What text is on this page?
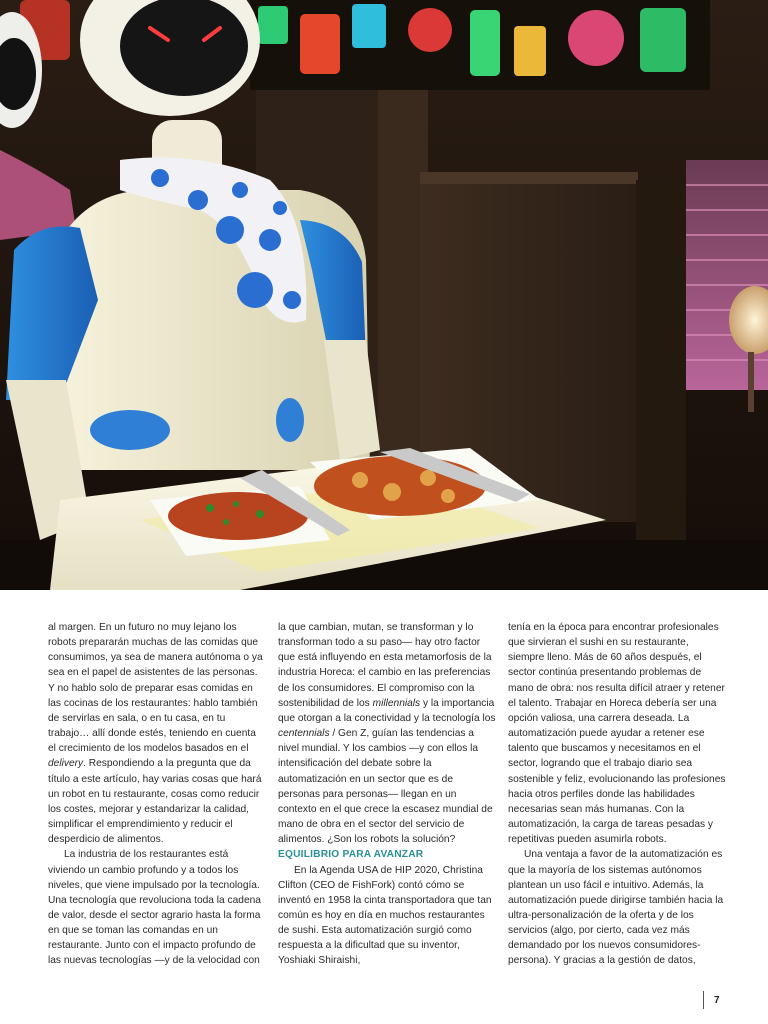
al margen. En un futuro no muy lejano los robots prepararán muchas de las comidas que consumimos, ya sea de manera autónoma o ya sea en el papel de asistentes de las personas. Y no hablo solo de preparar esas comidas en las cocinas de los restaurantes: hablo también de servirlas en sala, o en tu casa, en tu trabajo… allí donde estés, teniendo en cuenta el crecimiento de los modelos basados en el delivery. Respondiendo a la pregunta que da título a este artículo, hay varias cosas que hará un robot en tu restaurante, cosas como reducir los costes, mejorar y estandarizar la calidad, simplificar el emprendimiento y reducir el desperdicio de alimentos.

La industria de los restaurantes está viviendo un cambio profundo y a todos los niveles, que viene impulsado por la tecnología. Una tecnología que revoluciona toda la cadena de valor, desde el sector agrario hasta la forma en que se toman las comandas en un restaurante. Junto con el impacto profundo de las nuevas tecnologías —y de la velocidad con

la que cambian, mutan, se transforman y lo transforman todo a su paso— hay otro factor que está influyendo en esta metamorfosis de la industria Horeca: el cambio en las preferencias de los consumidores. El compromiso con la sostenibilidad de los millennials y la importancia que otorgan a la conectividad y la tecnología los centennials / Gen Z, guían las tendencias a nivel mundial. Y los cambios —y con ellos la intensificación del debate sobre la automatización en un sector que es de personas para personas— llegan en un contexto en el que crece la escasez mundial de mano de obra en el sector del servicio de alimentos. ¿Son los robots la solución?

EQUILIBRIO PARA AVANZAR

En la Agenda USA de HIP 2020, Christina Clifton (CEO de FishFork) contó cómo se inventó en 1958 la cinta transportadora que tan común es hoy en día en muchos restaurantes de sushi. Esta automatización surgió como respuesta a la dificultad que su inventor, Yoshiaki Shiraishi,

tenía en la época para encontrar profesionales que sirvieran el sushi en su restaurante, siempre lleno. Más de 60 años después, el sector continúa presentando problemas de mano de obra: nos resulta difícil atraer y retener el talento. Trabajar en Horeca debería ser una opción valiosa, una carrera deseada. La automatización puede ayudar a retener ese talento que buscamos y necesitamos en el sector, logrando que el trabajo diario sea sostenible y feliz, evolucionando las profesiones hacia otros perfiles donde las habilidades necesarias sean más humanas. Con la automatización, la carga de tareas pesadas y repetitivas pueden asumirla robots.

Una ventaja a favor de la automatización es que la mayoría de los sistemas autónomos plantean un uso fácil e intuitivo. Además, la automatización puede dirigirse también hacia la ultra-personalización de la oferta y de los servicios (algo, por cierto, cada vez más demandado por los nuevos consumidores-persona). Y gracias a la gestión de datos,

7
